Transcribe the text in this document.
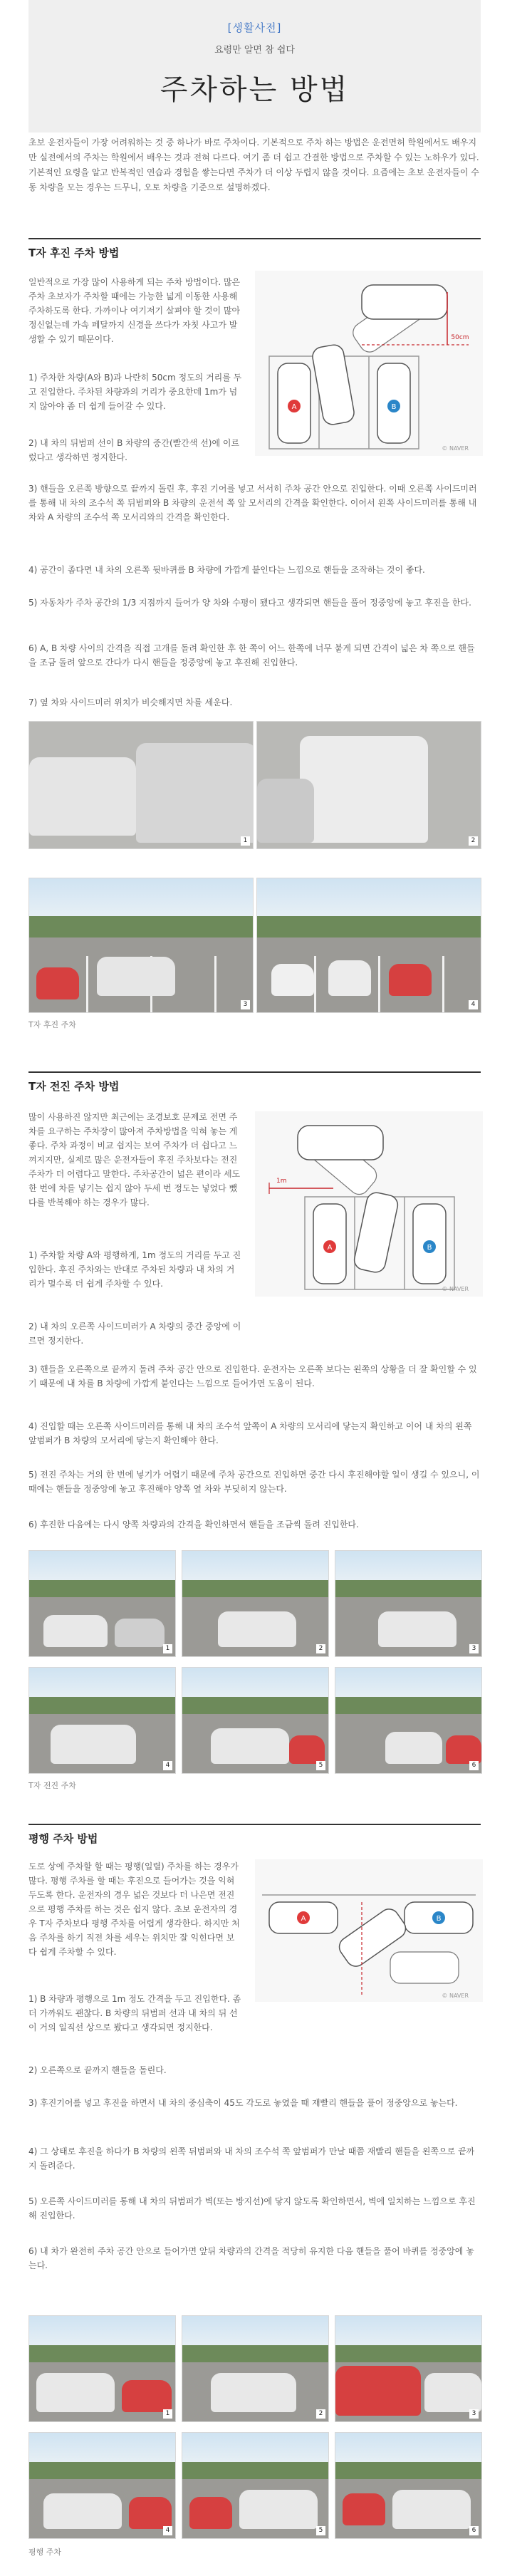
[생활사전]
요령만 알면 참 쉽다
주차하는 방법
초보 운전자들이 가장 어려워하는 것 중 하나가 바로 주차이다. 기본적으로 주차 하는 방법은 운전면허 학원에서도 배우지만 실전에서의 주차는 학원에서 배우는 것과 전혀 다르다. 여기 좀 더 쉽고 간결한 방법으로 주차할 수 있는 노하우가 있다. 기본적인 요령을 알고 반복적인 연습과 경험을 쌓는다면 주차가 더 이상 두렵지 않을 것이다. 요즘에는 초보 운전자들이 수동 차량을 모는 경우는 드무니, 오토 차량을 기준으로 설명하겠다.
T자 후진 주차 방법
일반적으로 가장 많이 사용하게 되는 주차 방법이다. 많은 주차 초보자가 주차할 때에는 가능한 넓게 이동한 사용해 주차하도록 한다. 가까이나 여기저기 살펴야 할 것이 많아 정신없는데 가속 페달까지 신경을 쓰다가 자칫 사고가 발생할 수 있기 때문이다.
1) 주차한 차량(A와 B)과 나란히 50cm 정도의 거리를 두고 진입한다. 주차된 차량과의 거리가 중요한데 1m가 넘지 않아야 좀 더 쉽게 들어갈 수 있다.
2) 내 차의 뒤범퍼 선이 B 차량의 중간(빨간색 선)에 이르렀다고 생각하면 정지한다.
3) 핸들을 오른쪽 방향으로 끝까지 돌린 후, 후진 기어를 넣고 서서히 주차 공간 안으로 진입한다. 이때 오른쪽 사이드미러를 통해 내 차의 조수석 쪽 뒤범퍼와 B 차량의 운전석 쪽 앞 모서리의 간격을 확인한다. 이어서 왼쪽 사이드미러를 통해 내 차와 A 차량의 조수석 쪽 모서리와의 간격을 확인한다.
4) 공간이 좁다면 내 차의 오른쪽 뒷바퀴를 B 차량에 가깝게 붙인다는 느낌으로 핸들을 조작하는 것이 좋다.
5) 자동차가 주차 공간의 1/3 지점까지 들어가 양 차와 수평이 됐다고 생각되면 핸들을 풀어 정중앙에 놓고 후진을 한다.
6) A, B 차량 사이의 간격을 직접 고개를 돌려 확인한 후 한 쪽이 어느 한쪽에 너무 붙게 되면 간격이 넓은 차 쪽으로 핸들을 조금 돌려 앞으로 간다가 다시 핸들을 정중앙에 놓고 후진해 진입한다.
7) 옆 차와 사이드미러 위치가 비슷해지면 차를 세운다.
A	B
50cm
© NAVER
1	2
3	4
T자 후진 주차
T자 전진 주차 방법
많이 사용하진 않지만 최근에는 조경보호 문제로 전면 주차를 요구하는 주차장이 많아져 주차방법을 익혀 놓는 게 좋다. 주차 과정이 비교 쉽지는 보여 주차가 더 쉽다고 느껴지지만, 실제로 많은 운전자들이 후진 주차보다는 전진 주차가 더 어렵다고 말한다. 주차공간이 넓은 편이라 세도 한 번에 차를 넣기는 쉽지 않아 두세 번 정도는 넣었다 뺐다를 반복해야 하는 경우가 많다.
1) 주차할 차량 A와 평행하게, 1m 정도의 거리를 두고 진입한다. 후진 주차와는 반대로 주차된 차량과 내 차의 거리가 멀수록 더 쉽게 주차할 수 있다.
2) 내 차의 오른쪽 사이드미러가 A 차량의 중간 중앙에 이르면 정지한다.
3) 핸들을 오른쪽으로 끝까지 돌려 주차 공간 안으로 진입한다. 운전자는 오른쪽 보다는 왼쪽의 상황을 더 잘 확인할 수 있기 때문에 내 차를 B 차량에 가깝게 붙인다는 느낌으로 들어가면 도움이 된다.
4) 진입할 때는 오른쪽 사이드미러를 통해 내 차의 조수석 앞쪽이 A 차량의 모서리에 닿는지 확인하고 이어 내 차의 왼쪽 앞범퍼가 B 차량의 모서리에 닿는지 확인해야 한다.
5) 전진 주차는 거의 한 번에 넣기가 어렵기 때문에 주차 공간으로 진입하면 중간 다시 후진해야할 일이 생길 수 있으니, 이때에는 핸들을 정중앙에 놓고 후진해야 양쪽 옆 차와 부딪히지 않는다.
6) 후진한 다음에는 다시 양쪽 차량과의 간격을 확인하면서 핸들을 조금씩 돌려 진입한다.
A	B
1m
© NAVER
1	2	3
4	5	6
T자 전진 주차
평행 주차 방법
도로 상에 주차할 할 때는 평행(일렬) 주차를 하는 경우가 많다. 평행 주차를 할 때는 후진으로 들어가는 것을 익혀두도록 한다. 운전자의 경우 넓은 것보다 더 나은면 전진으로 평행 주차를 하는 것은 쉽지 않다. 초보 운전자의 경우 T자 주차보다 평행 주차를 어렵게 생각한다. 하지만 처음 주차를 하기 직전 차를 세우는 위치만 잘 익힌다면 보다 쉽게 주차할 수 있다.
1) B 차량과 평행으로 1m 정도 간격을 두고 진입한다. 좀 더 가까워도 괜찮다. B 차량의 뒤범퍼 선과 내 차의 뒤 선이 거의 일직선 상으로 봤다고 생각되면 정지한다.
2) 오른쪽으로 끝까지 핸들을 돌린다.
3) 후진기어를 넣고 후진을 하면서 내 차의 중심축이 45도 각도로 놓였을 때 재빨리 핸들을 풀어 정중앙으로 놓는다.
4) 그 상태로 후진을 하다가 B 차량의 왼쪽 뒤범퍼와 내 차의 조수석 쪽 앞범퍼가 만날 때쯤 재빨리 핸들을 왼쪽으로 끝까지 돌려준다.
5) 오른쪽 사이드미러를 통해 내 차의 뒤범퍼가 벽(또는 방지선)에 닿지 않도록 확인하면서, 벽에 일치하는 느낌으로 후진해 진입한다.
6) 내 차가 완전히 주차 공간 안으로 들어가면 앞뒤 차량과의 간격을 적당히 유지한 다음 핸들을 풀어 바퀴를 정중앙에 놓는다.
A	B
© NAVER
1	2	3
4	5	6
평행 주차
